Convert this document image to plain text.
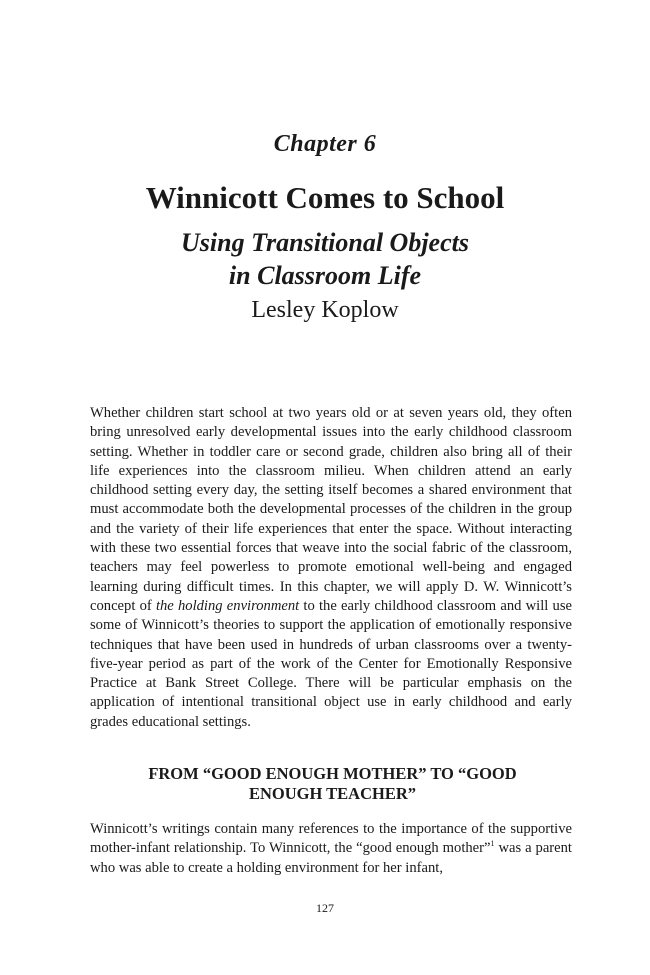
Chapter 6
Winnicott Comes to School
Using Transitional Objects
in Classroom Life
Lesley Koplow

Whether children start school at two years old or at seven years old, they often bring unresolved early developmental issues into the early childhood classroom setting. Whether in toddler care or second grade, children also bring all of their life experiences into the classroom milieu. When children attend an early childhood setting every day, the setting itself becomes a shared environment that must accommodate both the developmental processes of the children in the group and the variety of their life experiences that enter the space. Without interacting with these two essential forces that weave into the social fabric of the classroom, teachers may feel powerless to promote emotional well-being and engaged learning during difficult times. In this chapter, we will apply D. W. Winnicott’s concept of the holding environment to the early childhood classroom and will use some of Winnicott’s theories to support the application of emotionally responsive techniques that have been used in hundreds of urban classrooms over a twenty-five-year period as part of the work of the Center for Emotionally Responsive Practice at Bank Street College. There will be particular emphasis on the application of intentional transitional object use in early childhood and early grades educational settings.

FROM “GOOD ENOUGH MOTHER” TO “GOOD
ENOUGH TEACHER”

Winnicott’s writings contain many references to the importance of the supportive mother-infant relationship. To Winnicott, the “good enough mother”$^1$ was a parent who was able to create a holding environment for her infant,

127
